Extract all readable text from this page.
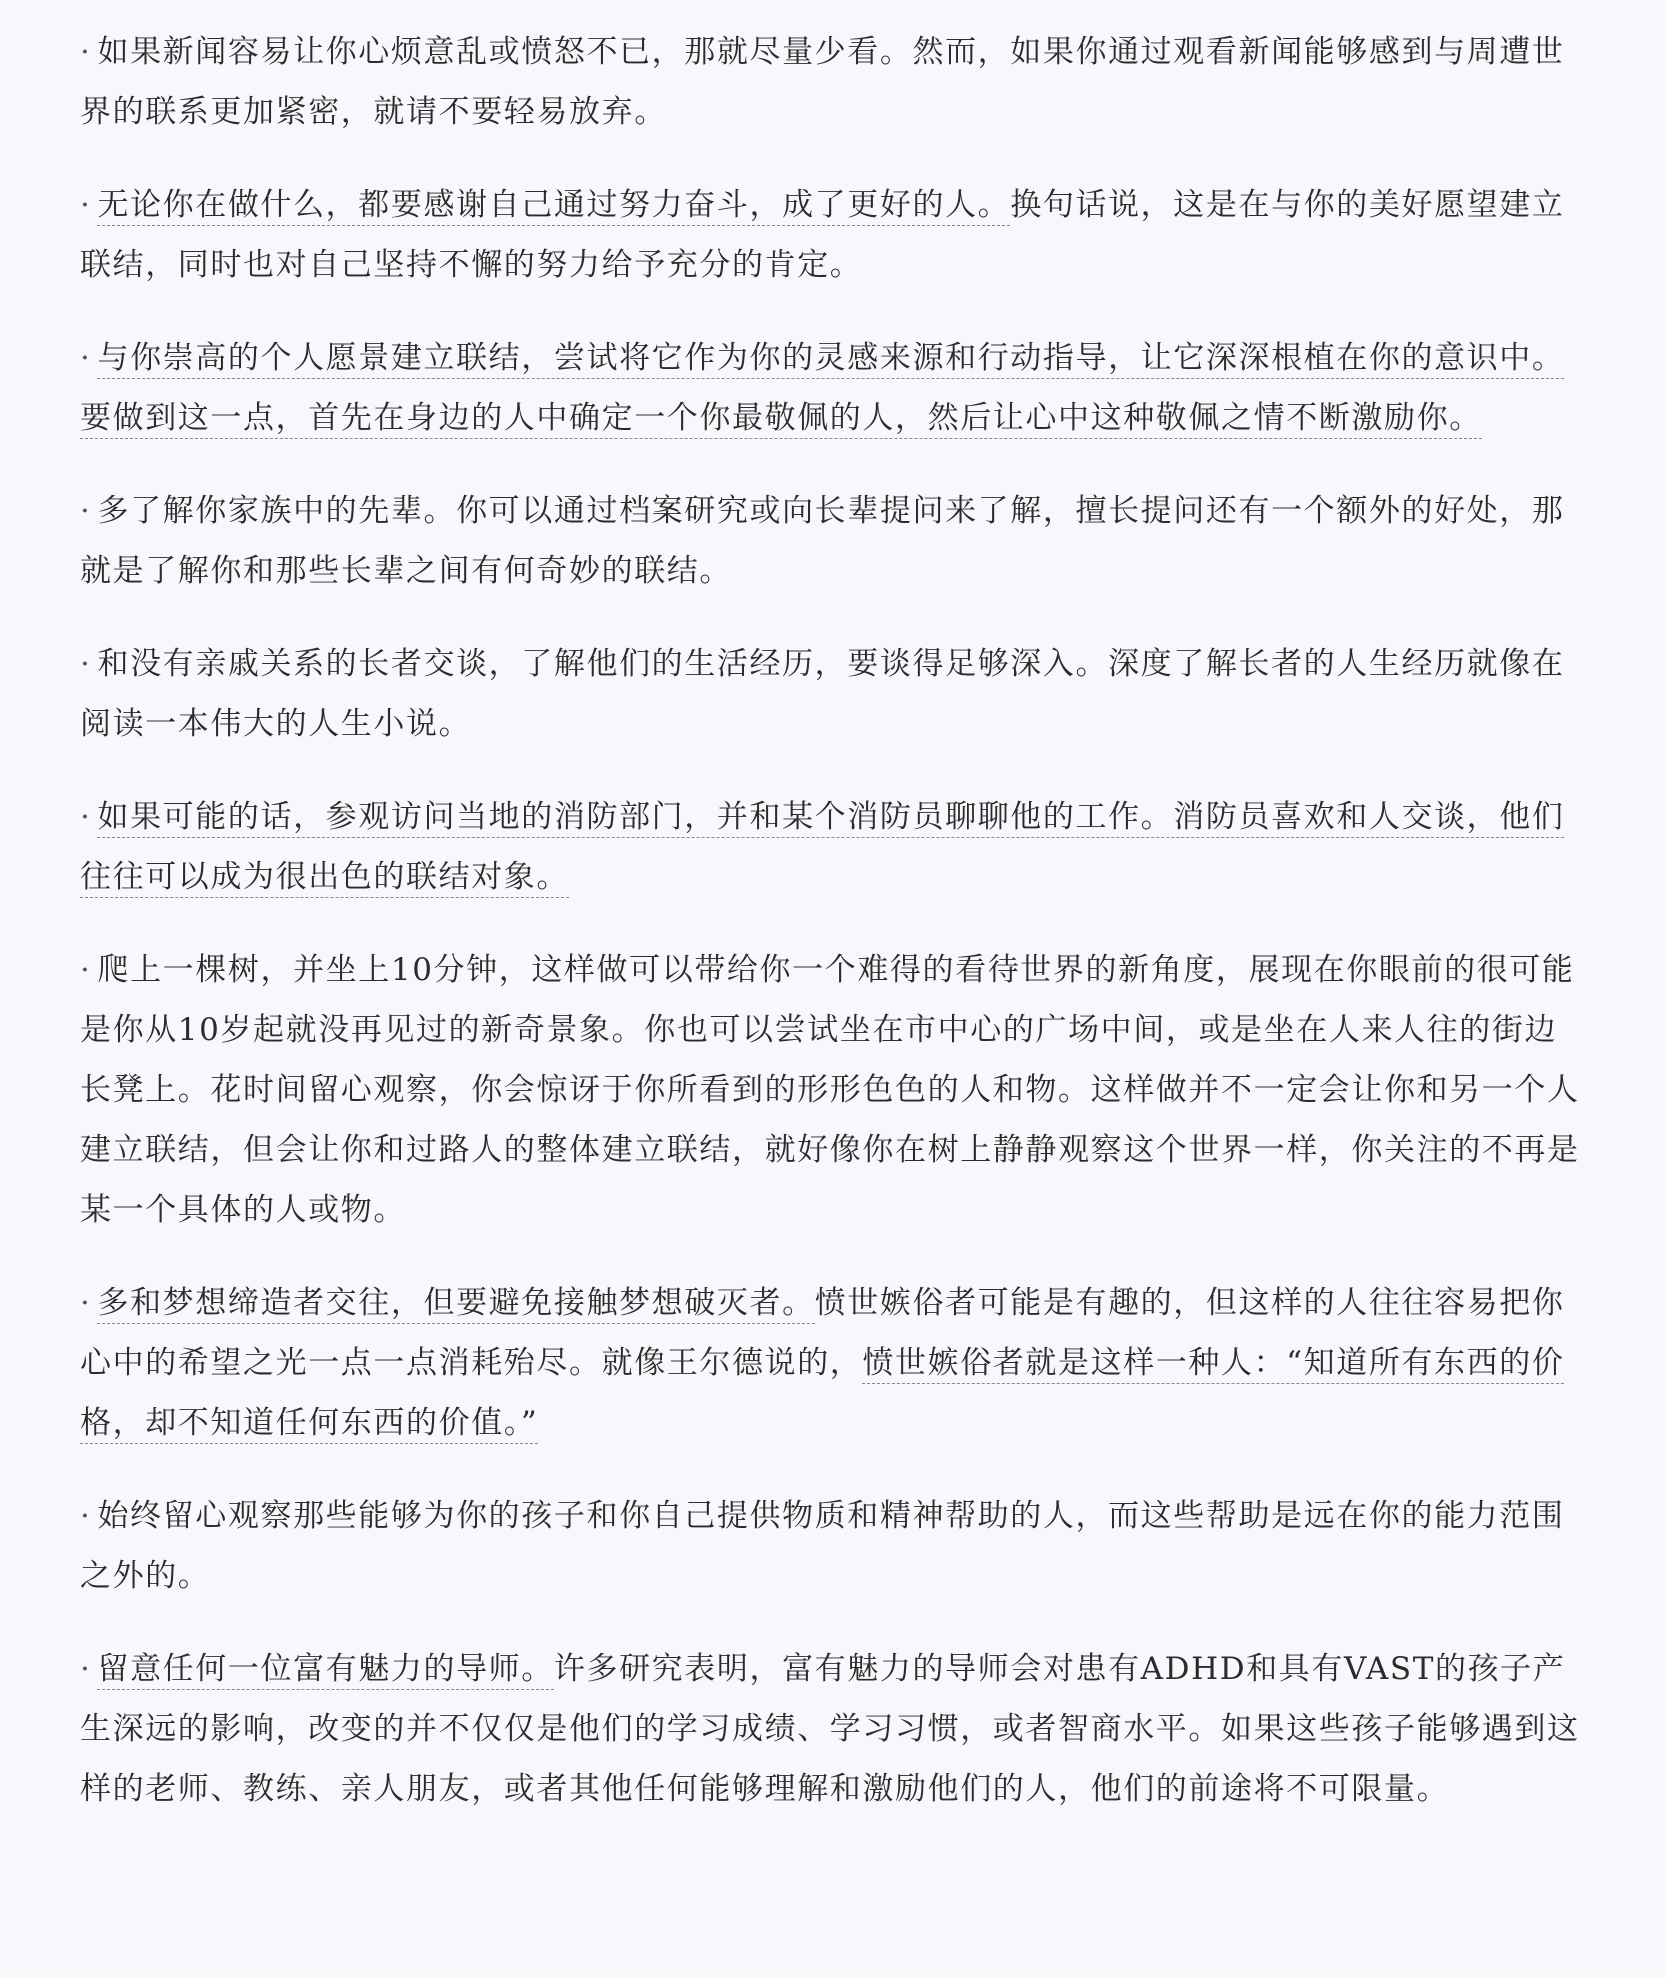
· 如果新闻容易让你心烦意乱或愤怒不已，那就尽量少看。然而，如果你通过观看新闻能够感到与周遭世界的联系更加紧密，就请不要轻易放弃。

· 无论你在做什么，都要感谢自己通过努力奋斗，成了更好的人。换句话说，这是在与你的美好愿望建立联结，同时也对自己坚持不懈的努力给予充分的肯定。

· 与你崇高的个人愿景建立联结，尝试将它作为你的灵感来源和行动指导，让它深深根植在你的意识中。要做到这一点，首先在身边的人中确定一个你最敬佩的人，然后让心中这种敬佩之情不断激励你。

· 多了解你家族中的先辈。你可以通过档案研究或向长辈提问来了解，擅长提问还有一个额外的好处，那就是了解你和那些长辈之间有何奇妙的联结。

· 和没有亲戚关系的长者交谈，了解他们的生活经历，要谈得足够深入。深度了解长者的人生经历就像在阅读一本伟大的人生小说。

· 如果可能的话，参观访问当地的消防部门，并和某个消防员聊聊他的工作。消防员喜欢和人交谈，他们往往可以成为很出色的联结对象。

· 爬上一棵树，并坐上10分钟，这样做可以带给你一个难得的看待世界的新角度，展现在你眼前的很可能是你从10岁起就没再见过的新奇景象。你也可以尝试坐在市中心的广场中间，或是坐在人来人往的街边长凳上。花时间留心观察，你会惊讶于你所看到的形形色色的人和物。这样做并不一定会让你和另一个人建立联结，但会让你和过路人的整体建立联结，就好像你在树上静静观察这个世界一样，你关注的不再是某一个具体的人或物。

· 多和梦想缔造者交往，但要避免接触梦想破灭者。愤世嫉俗者可能是有趣的，但这样的人往往容易把你心中的希望之光一点一点消耗殆尽。就像王尔德说的，愤世嫉俗者就是这样一种人：“知道所有东西的价格，却不知道任何东西的价值。”

· 始终留心观察那些能够为你的孩子和你自己提供物质和精神帮助的人，而这些帮助是远在你的能力范围之外的。

· 留意任何一位富有魅力的导师。许多研究表明，富有魅力的导师会对患有ADHD和具有VAST的孩子产生深远的影响，改变的并不仅仅是他们的学习成绩、学习习惯，或者智商水平。如果这些孩子能够遇到这样的老师、教练、亲人朋友，或者其他任何能够理解和激励他们的人，他们的前途将不可限量。
